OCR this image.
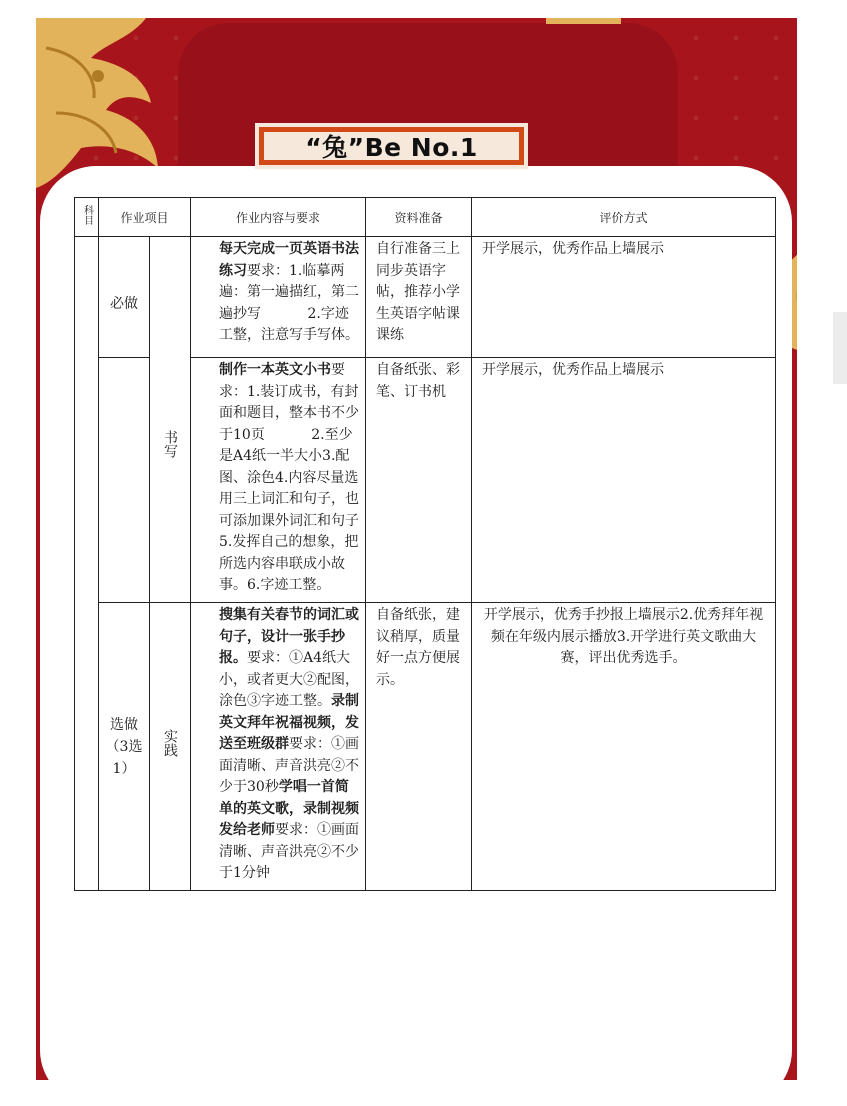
“兔”Be No.1
科目	作业项目		作业内容与要求	资料准备	评价方式
	必做	书写	每天完成一页英语书法练习要求：1.临摹两遍：第一遍描红，第二遍抄写　　　 2.字迹工整，注意写手写体。	自行准备三上同步英语字帖，推荐小学生英语字帖课课练	开学展示，优秀作品上墙展示
			制作一本英文小书要求：1.装订成书，有封面和题目，整本书不少于10页　　　 2.至少是A4纸一半大小3.配图、涂色4.内容尽量选用三上词汇和句子，也可添加课外词汇和句子5.发挥自己的想象，把所选内容串联成小故事。6.字迹工整。	自备纸张、彩笔、订书机	开学展示，优秀作品上墙展示
	选做（3选1）	实践	搜集有关春节的词汇或句子，设计一张手抄报。要求：①A4纸大小，或者更大②配图，涂色③字迹工整。录制英文拜年祝福视频，发送至班级群要求：①画面清晰、声音洪亮②不少于30秒学唱一首简单的英文歌，录制视频发给老师要求：①画面清晰、声音洪亮②不少于1分钟	自备纸张，建议稍厚，质量好一点方便展示。	开学展示，优秀手抄报上墙展示2.优秀拜年视频在年级内展示播放3.开学进行英文歌曲大赛，评出优秀选手。
